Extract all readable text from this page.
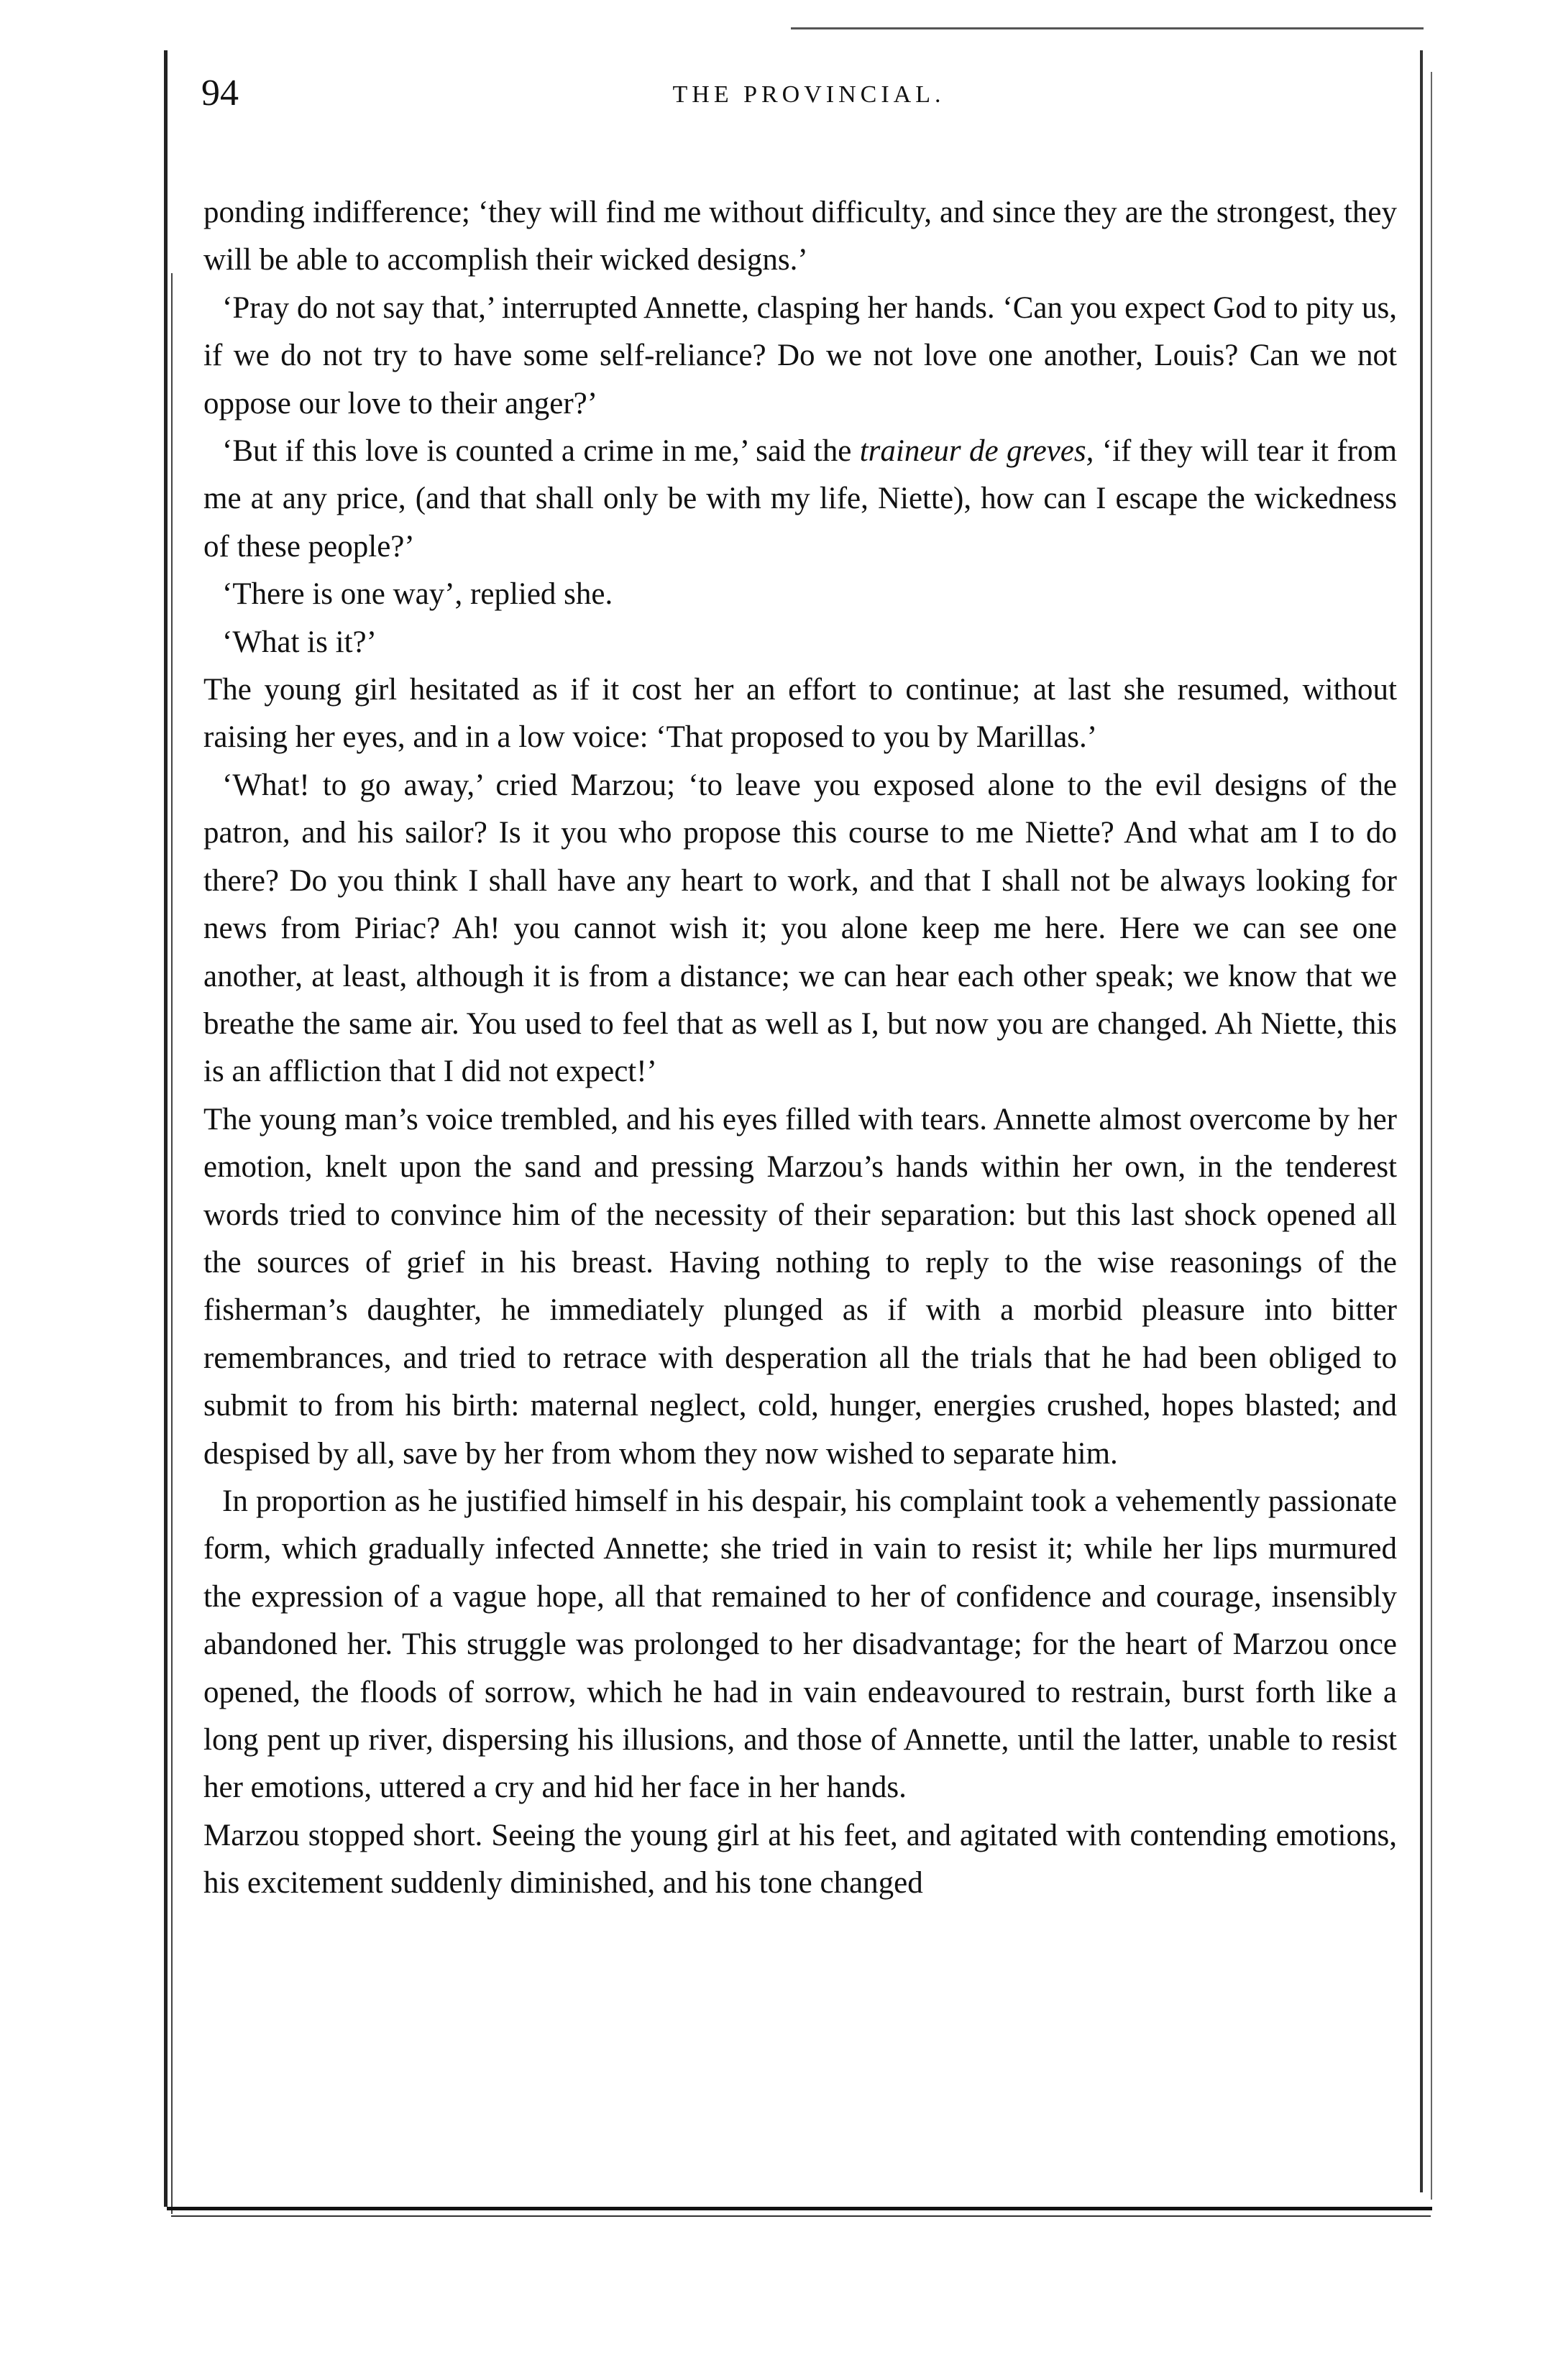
94	THE PROVINCIAL.

ponding indifference; ‘they will find me without difficulty, and since they are the strongest, they will be able to accomplish their wicked designs.’

‘Pray do not say that,’ interrupted Annette, clasping her hands. ‘Can you expect God to pity us, if we do not try to have some self-reliance? Do we not love one another, Louis? Can we not oppose our love to their anger?’

‘But if this love is counted a crime in me,’ said the traineur de greves, ‘if they will tear it from me at any price, (and that shall only be with my life, Niette), how can I escape the wickedness of these people?’

‘There is one way’, replied she.

‘What is it?’

The young girl hesitated as if it cost her an effort to continue; at last she resumed, without raising her eyes, and in a low voice: ‘That proposed to you by Marillas.’

‘What! to go away,’ cried Marzou; ‘to leave you exposed alone to the evil designs of the patron, and his sailor? Is it you who propose this course to me Niette? And what am I to do there? Do you think I shall have any heart to work, and that I shall not be always looking for news from Piriac? Ah! you cannot wish it; you alone keep me here. Here we can see one another, at least, although it is from a distance; we can hear each other speak; we know that we breathe the same air. You used to feel that as well as I, but now you are changed. Ah Niette, this is an affliction that I did not expect!’

The young man’s voice trembled, and his eyes filled with tears. Annette almost overcome by her emotion, knelt upon the sand and pressing Marzou’s hands within her own, in the tenderest words tried to convince him of the necessity of their separation: but this last shock opened all the sources of grief in his breast. Having nothing to reply to the wise reasonings of the fisherman’s daughter, he immediately plunged as if with a morbid pleasure into bitter remembrances, and tried to retrace with desperation all the trials that he had been obliged to submit to from his birth: maternal neglect, cold, hunger, energies crushed, hopes blasted; and despised by all, save by her from whom they now wished to separate him.

In proportion as he justified himself in his despair, his complaint took a vehemently passionate form, which gradually infected Annette; she tried in vain to resist it; while her lips murmured the expression of a vague hope, all that remained to her of confidence and courage, insensibly abandoned her. This struggle was prolonged to her disadvantage; for the heart of Marzou once opened, the floods of sorrow, which he had in vain endeavoured to restrain, burst forth like a long pent up river, dispersing his illusions, and those of Annette, until the latter, unable to resist her emotions, uttered a cry and hid her face in her hands.

Marzou stopped short. Seeing the young girl at his feet, and agitated with contending emotions, his excitement suddenly diminished, and his tone changed
